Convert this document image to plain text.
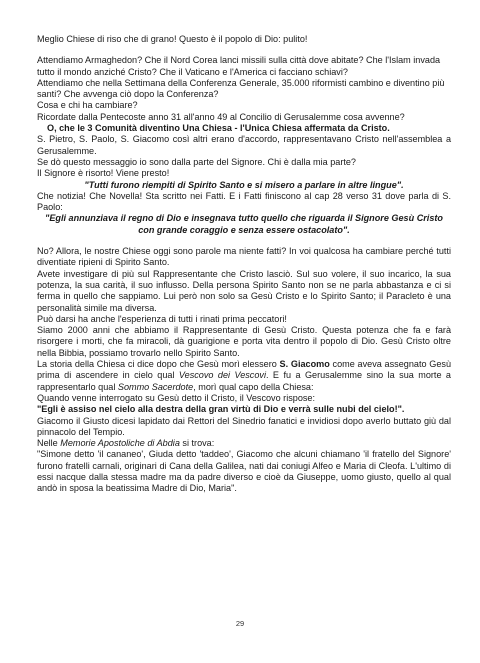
Meglio Chiese di riso che di grano! Questo è il popolo di Dio: pulito!

Attendiamo Armaghedon? Che il Nord Corea lanci missili sulla città dove abitate? Che l'Islam invada tutto il mondo anziché Cristo? Che il Vaticano e l'America ci facciano schiavi?

Attendiamo che nella Settimana della Conferenza Generale, 35.000 riformisti cambino e diventino più santi? Che avvenga ciò dopo la Conferenza?

Cosa e chi ha cambiare?

Ricordate dalla Pentecoste anno 31 all'anno 49 al Concilio di Gerusalemme cosa avvenne?

O, che le 3 Comunità diventino Una Chiesa - l'Unica Chiesa affermata da Cristo.

S. Pietro, S. Paolo, S. Giacomo così altri erano d'accordo, rappresentavano Cristo nell'assemblea a Gerusalemme.

Se dò questo messaggio io sono dalla parte del Signore. Chi è dalla mia parte?

Il Signore è risorto! Viene presto!

"Tutti furono riempiti di Spirito Santo e si misero a parlare in altre lingue".

Che notizia! Che Novella! Sta scritto nei Fatti. E i Fatti finiscono al cap 28 verso 31 dove parla di S. Paolo:

"Egli annunziava il regno di Dio e insegnava tutto quello che riguarda il Signore Gesù Cristo con grande coraggio e senza essere ostacolato".

No? Allora, le nostre Chiese oggi sono parole ma niente fatti? In voi qualcosa ha cambiare perché tutti diventiate ripieni di Spirito Santo.

Avete investigare di più sul Rappresentante che Cristo lasciò. Sul suo volere, il suo incarico, la sua potenza, la sua carità, il suo influsso. Della persona Spirito Santo non se ne parla abbastanza e ci si ferma in quello che sappiamo. Lui però non solo sa Gesù Cristo e lo Spirito Santo; il Paracleto è una personalità simile ma diversa.

Può darsi ha anche l'esperienza di tutti i rinati prima peccatori!

Siamo 2000 anni che abbiamo il Rappresentante di Gesù Cristo. Questa potenza che fa e farà risorgere i morti, che fa miracoli, dà guarigione e porta vita dentro il popolo di Dio. Gesù Cristo oltre nella Bibbia, possiamo trovarlo nello Spirito Santo.

La storia della Chiesa ci dice dopo che Gesù morì elessero S. Giacomo come aveva assegnato Gesù prima di ascendere in cielo qual Vescovo dei Vescovi. E fu a Gerusalemme sino la sua morte a rappresentarlo qual Sommo Sacerdote, morì qual capo della Chiesa:

Quando venne interrogato su Gesù detto il Cristo, il Vescovo rispose:

"Egli è assiso nel cielo alla destra della gran virtù di Dio e verrà sulle nubi del cielo!".

Giacomo il Giusto dicesi lapidato dai Rettori del Sinedrio fanatici e invidiosi dopo averlo buttato giù dal pinnacolo del Tempio.

Nelle Memorie Apostoliche di Abdia si trova:

"Simone detto 'il cananeo', Giuda detto 'taddeo', Giacomo che alcuni chiamano 'il fratello del Signore' furono fratelli carnali, originari di Cana della Galilea, nati dai coniugi Alfeo e Maria di Cleofa. L'ultimo di essi nacque dalla stessa madre ma da padre diverso e cioè da Giuseppe, uomo giusto, quello al qual andò in sposa la beatissima Madre di Dio, Maria".

29
